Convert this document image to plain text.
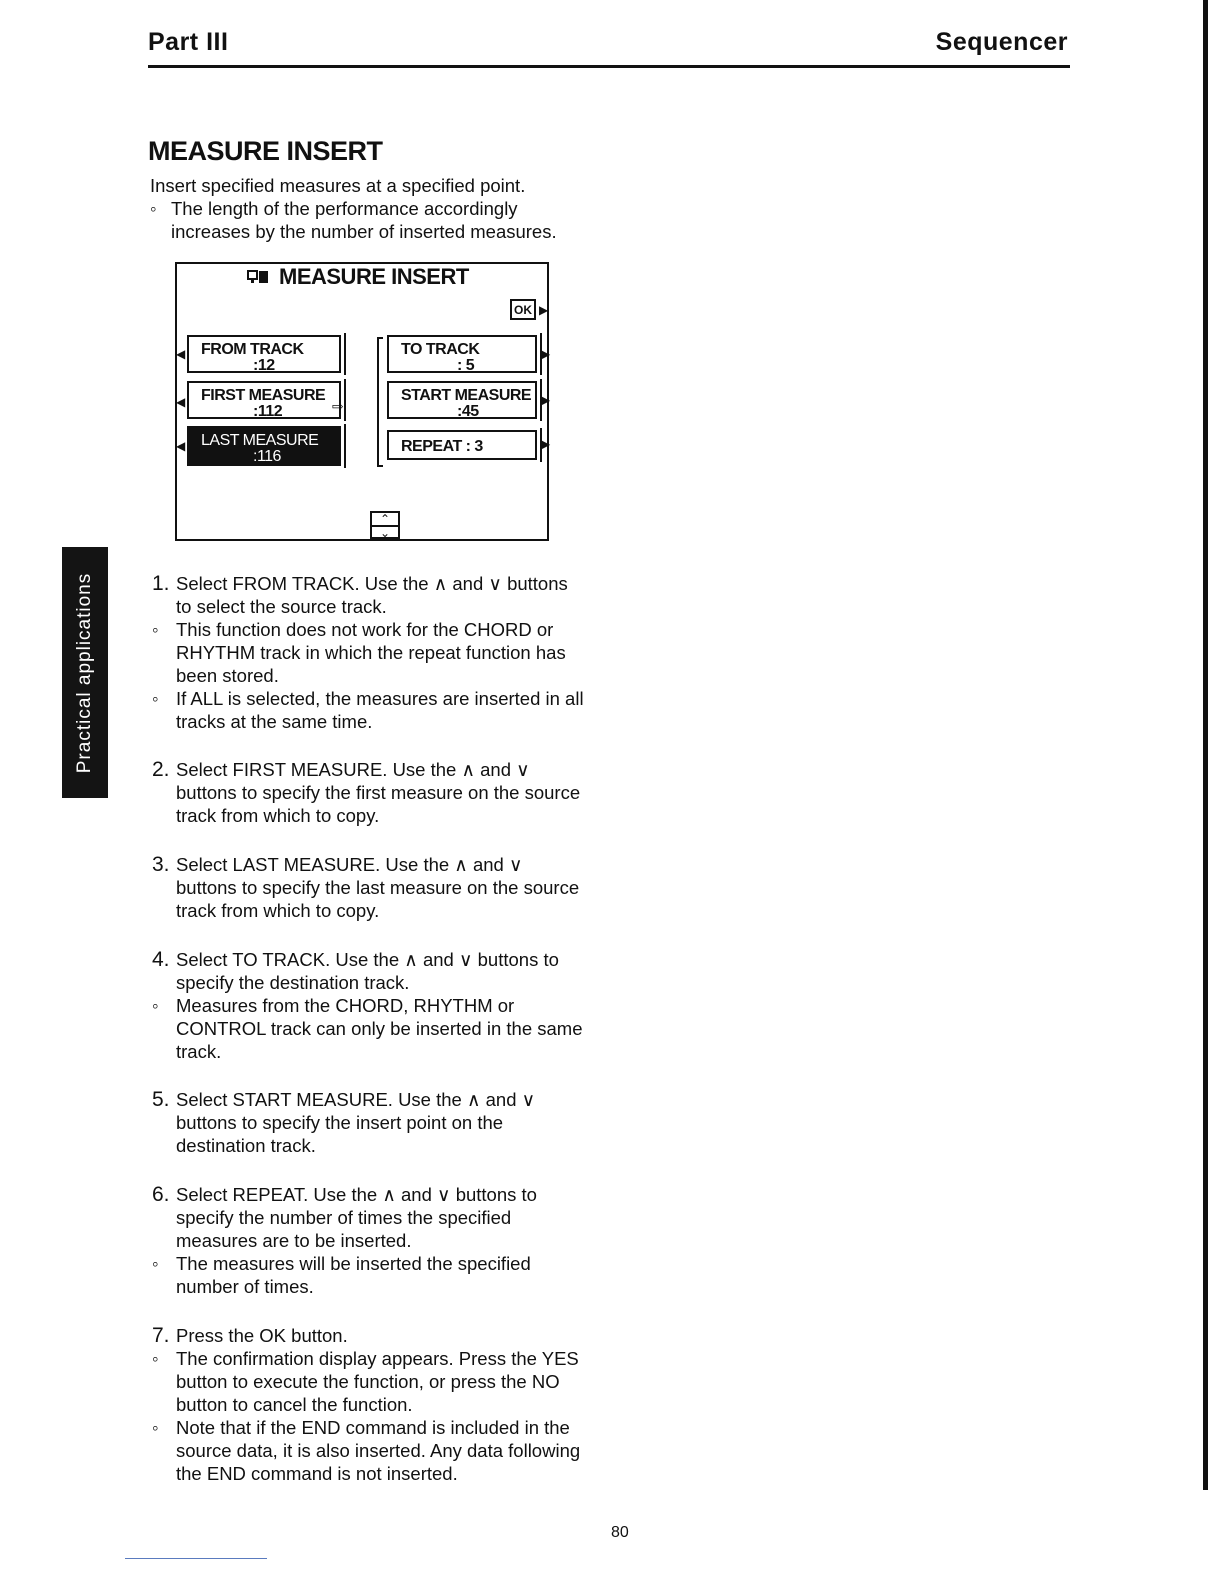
Part III	Sequencer
Practical applications
MEASURE INSERT

Insert specified measures at a specified point.

◦ The length of the performance accordingly increases by the number of inserted measures.

MEASURE INSERT
OK ▶
◀ FROM TRACK
:12
◀ FIRST MEASURE
:112
◀ LAST MEASURE
:116
⇨
TO TRACK
: 5
▶
START MEASURE
:45
▶
REPEAT : 3	▶
⌃
⌄

1. Select FROM TRACK. Use the ∧ and ∨ buttons to select the source track.

◦ This function does not work for the CHORD or RHYTHM track in which the repeat function has been stored.

◦ If ALL is selected, the measures are inserted in all tracks at the same time.

2. Select FIRST MEASURE. Use the ∧ and ∨ buttons to specify the first measure on the source track from which to copy.

3. Select LAST MEASURE. Use the ∧ and ∨ buttons to specify the last measure on the source track from which to copy.

4. Select TO TRACK. Use the ∧ and ∨ buttons to specify the destination track.

◦ Measures from the CHORD, RHYTHM or CONTROL track can only be inserted in the same track.

5. Select START MEASURE. Use the ∧ and ∨ buttons to specify the insert point on the destination track.

6. Select REPEAT. Use the ∧ and ∨ buttons to specify the number of times the specified measures are to be inserted.

◦ The measures will be inserted the specified number of times.

7. Press the OK button.

◦ The confirmation display appears. Press the YES button to execute the function, or press the NO button to cancel the function.

◦ Note that if the END command is included in the source data, it is also inserted. Any data following the END command is not inserted.

80
